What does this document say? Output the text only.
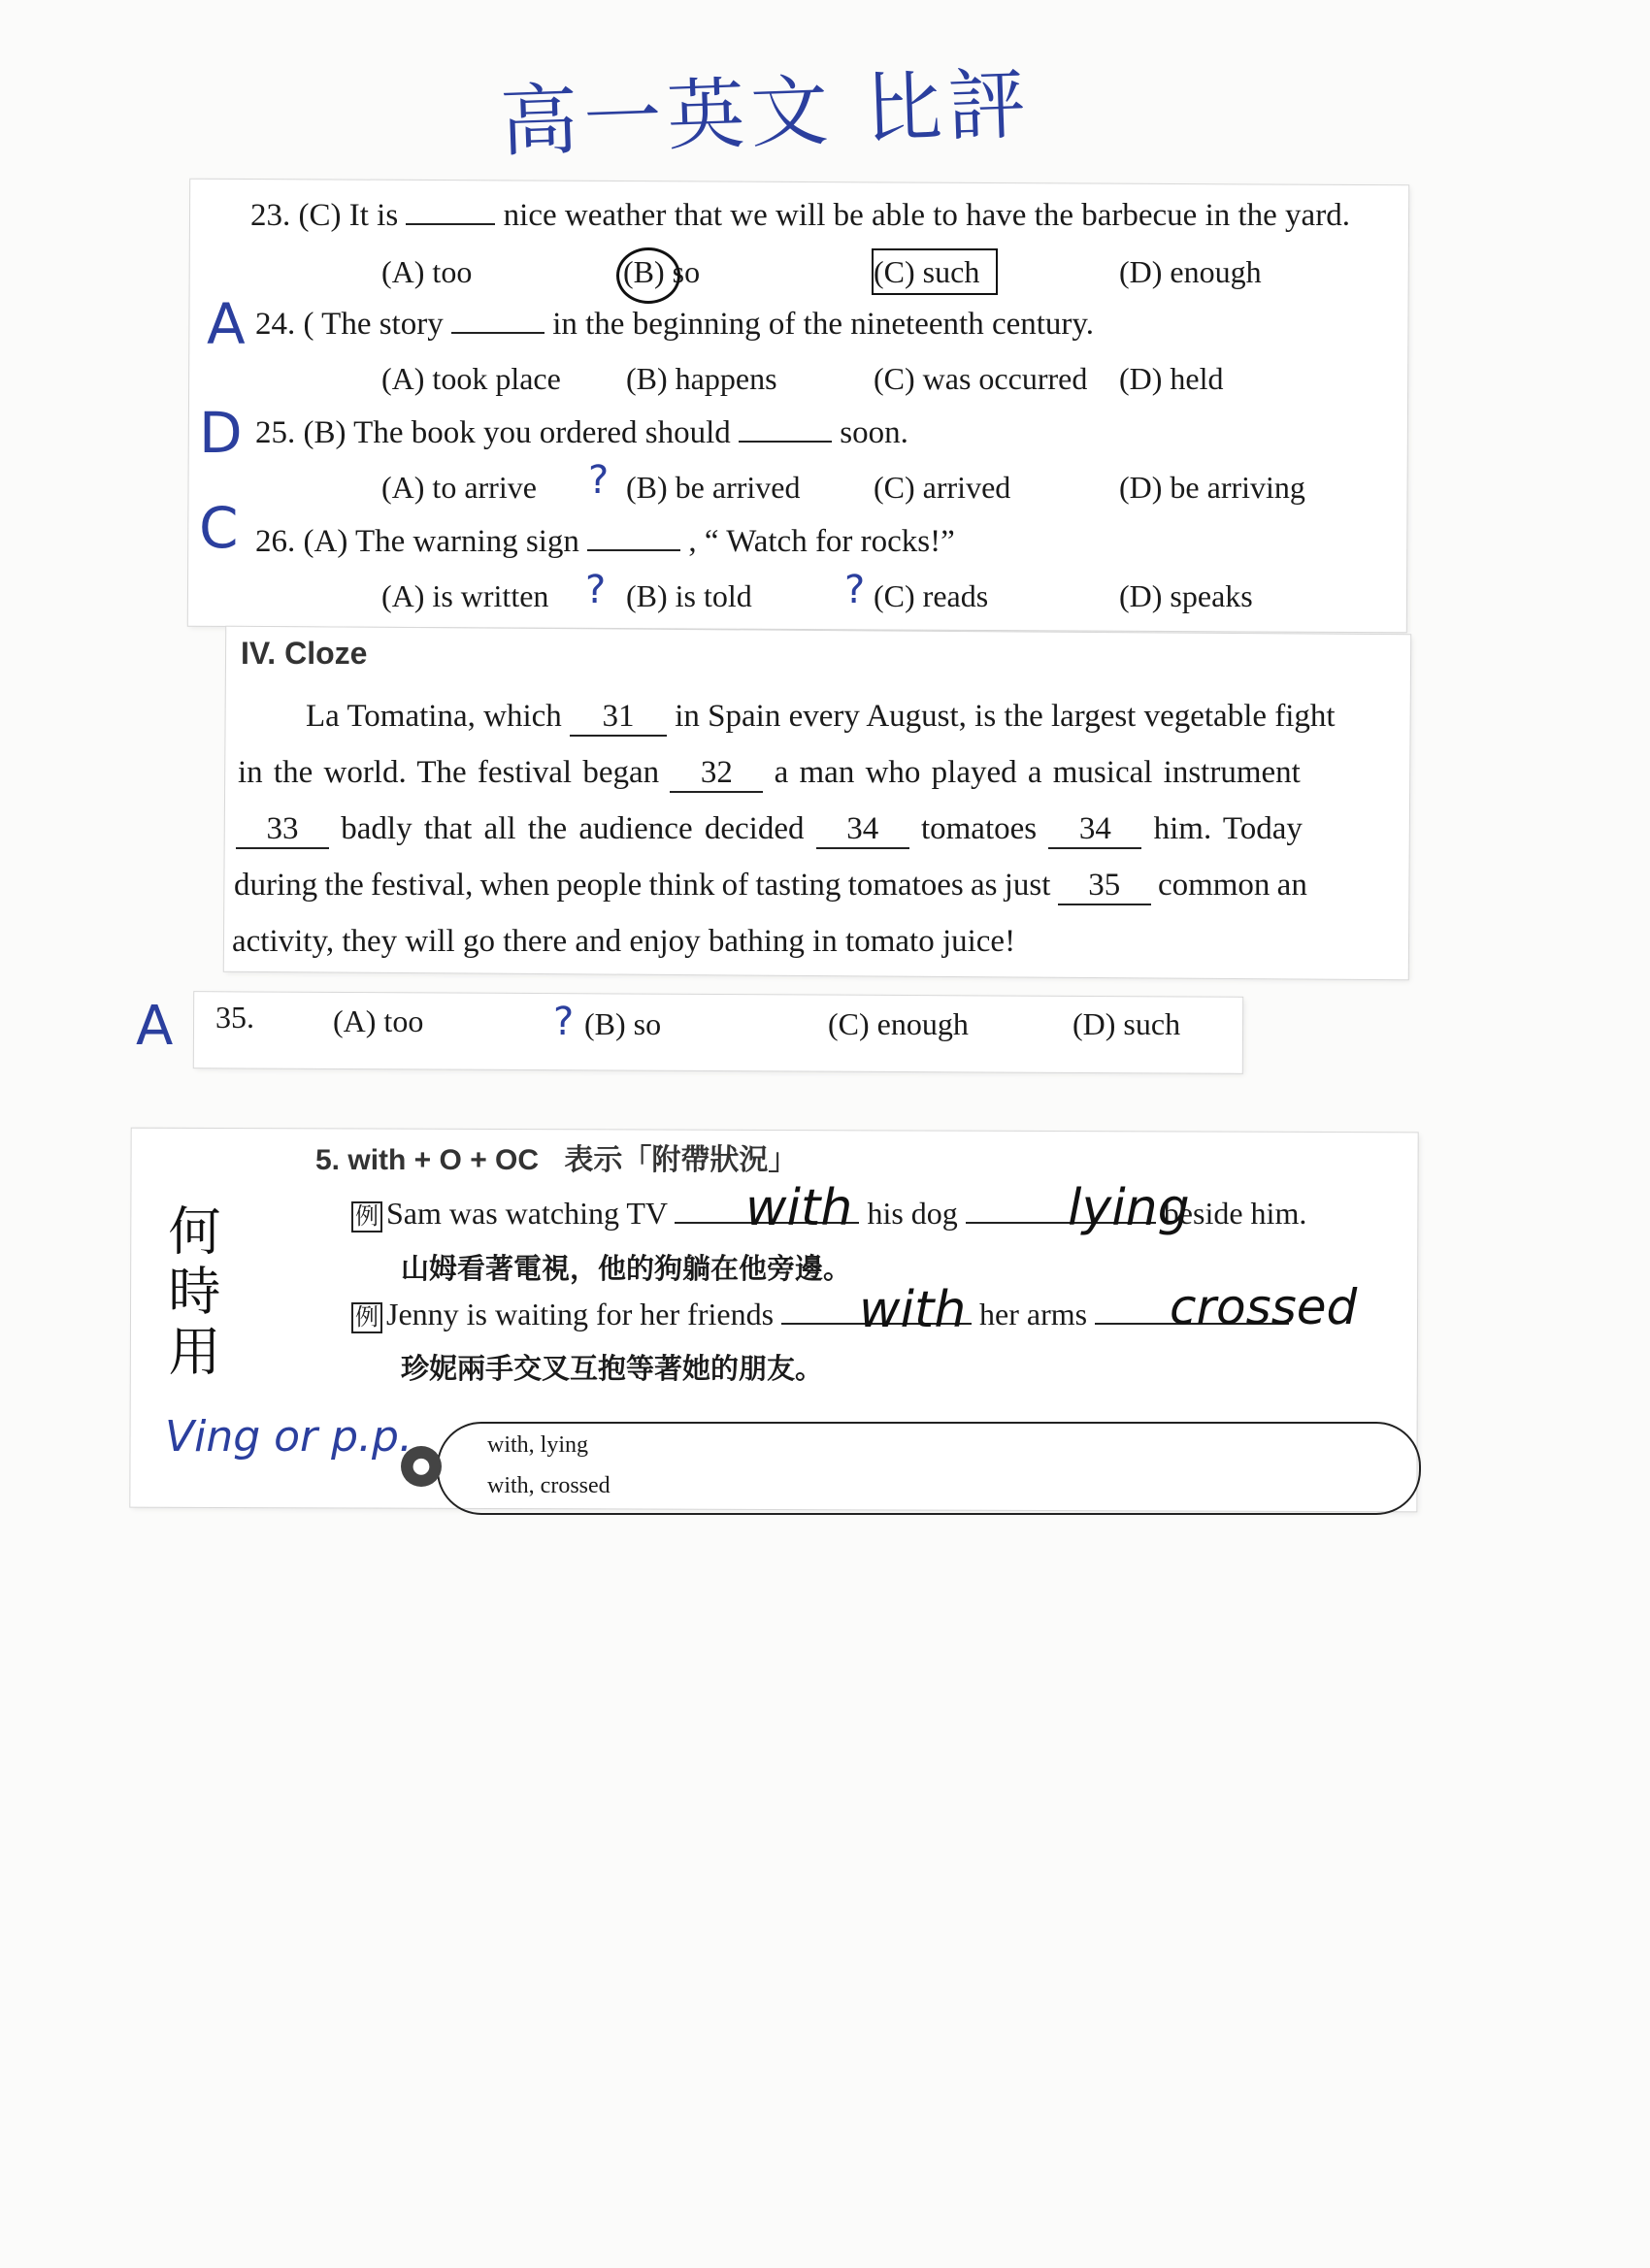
高一英文 比評
23. (C) It is	nice weather that we will be able to have the barbecue in the yard.
(A) too	(B) so	(C) such	(D) enough
24. ( The story	in the beginning of the nineteenth century.
(A) took place (B) happens	(C) was occurred (D) held
A
25. (B) The book you ordered should	soon.
(A) to arrive	(B) be arrived (C) arrived	(D) be arriving
D
?
26. (A) The warning sign	, “ Watch for rocks!”
(A) is written (B) is told	(C) reads	(D) speaks
C
?	?
IV. Cloze
La Tomatina, which 31 in Spain every August, is the largest vegetable fight
in the world. The festival began 32 a man who played a musical instrument
33 badly that all the audience decided 34 tomatoes 34 him. Today
during the festival, when people think of tasting tomatoes as just 35 common an
activity, they will go there and enjoy bathing in tomato juice!
35.	(A) too	(B) so	(C) enough	(D) such
A	?
5. with + O + OC 表示「附帶狀況」
例 Sam was watching TV	his dog	beside him.
with	lying
山姆看著電視，他的狗躺在他旁邊。
例 Jenny is waiting for her friends	her arms
with	crossed
珍妮兩手交叉互抱等著她的朋友。
●
with, lying
with, crossed
何時用
Ving or p.p.
